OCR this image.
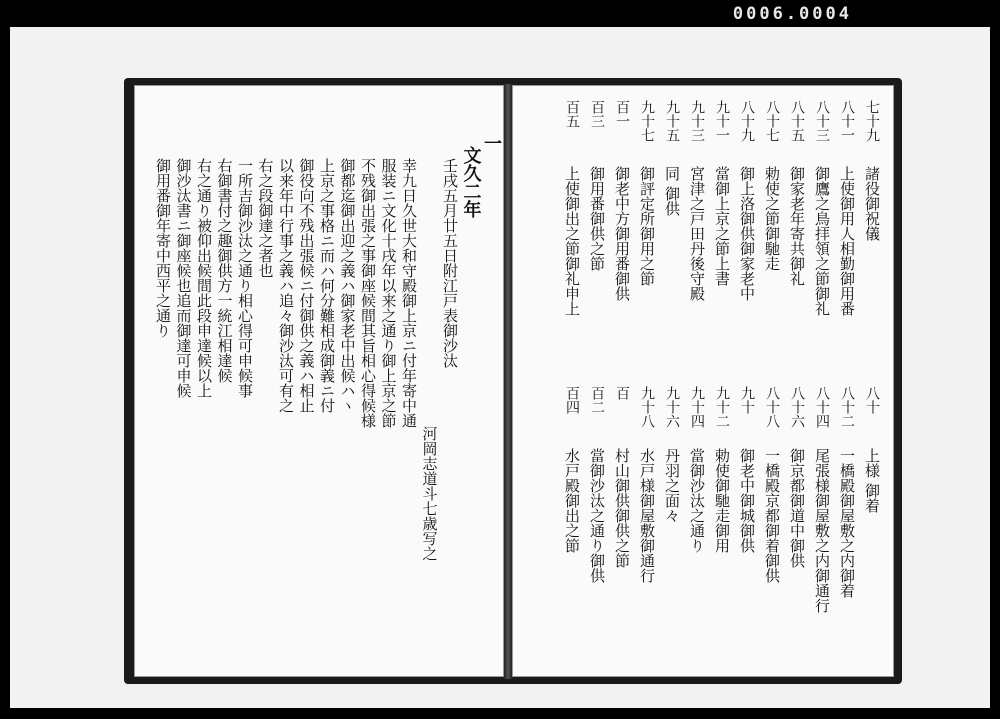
0006.0004
一
文久二年
壬戌五月廿五日附江戸表御沙汰
河岡志道斗七歳写之
幸九日久世大和守殿御上京ニ付年寄中通
服装ニ文化十戌年以来之通り御上京之節
不残御出張之事御座候間其旨相心得候様
御都迄御出迎之義ハ御家老中出候ハヽ
上京之事格ニ而ハ何分難相成御義ニ付
御役向不残出張候ニ付御供之義ハ相止
以来年中行事之義ハ追々御沙汰可有之
右之段御達之者也
一所吉御沙汰之通り相心得可申候事
右御書付之趣御供方一統江相達候
右之通り被仰出候間此段申達候以上
御沙汰書ニ御座候也追而御達可申候
御用番御年寄中西平之通り
七十九
諸役御祝儀
八十一
上使御用人相勤御用番
八十三
御鷹之鳥拝領之節御礼
八十五
御家老年寄共御礼
八十七
勅使之節御馳走
八十九
御上洛御供御家老中
九十一
當御上京之節上書
九十三
宮津之戸田丹後守殿
九十五
同 御供
九十七
御評定所御用之節
百一
御老中方御用番御供
百三
御用番御供之節
百五
上使御出之節御礼申上
八十
上様 御着
八十二
一橋殿御屋敷之内御着
八十四
尾張様御屋敷之内御通行
八十六
御京都御道中御供
八十八
一橋殿京都御着御供
九十
御老中御城御供
九十二
勅使御馳走御用
九十四
當御沙汰之通り
九十六
丹羽之面々
九十八
水戸様御屋敷御通行
百
村山御供御供之節
百二
當御沙汰之通り御供
百四
水戸殿御出之節
